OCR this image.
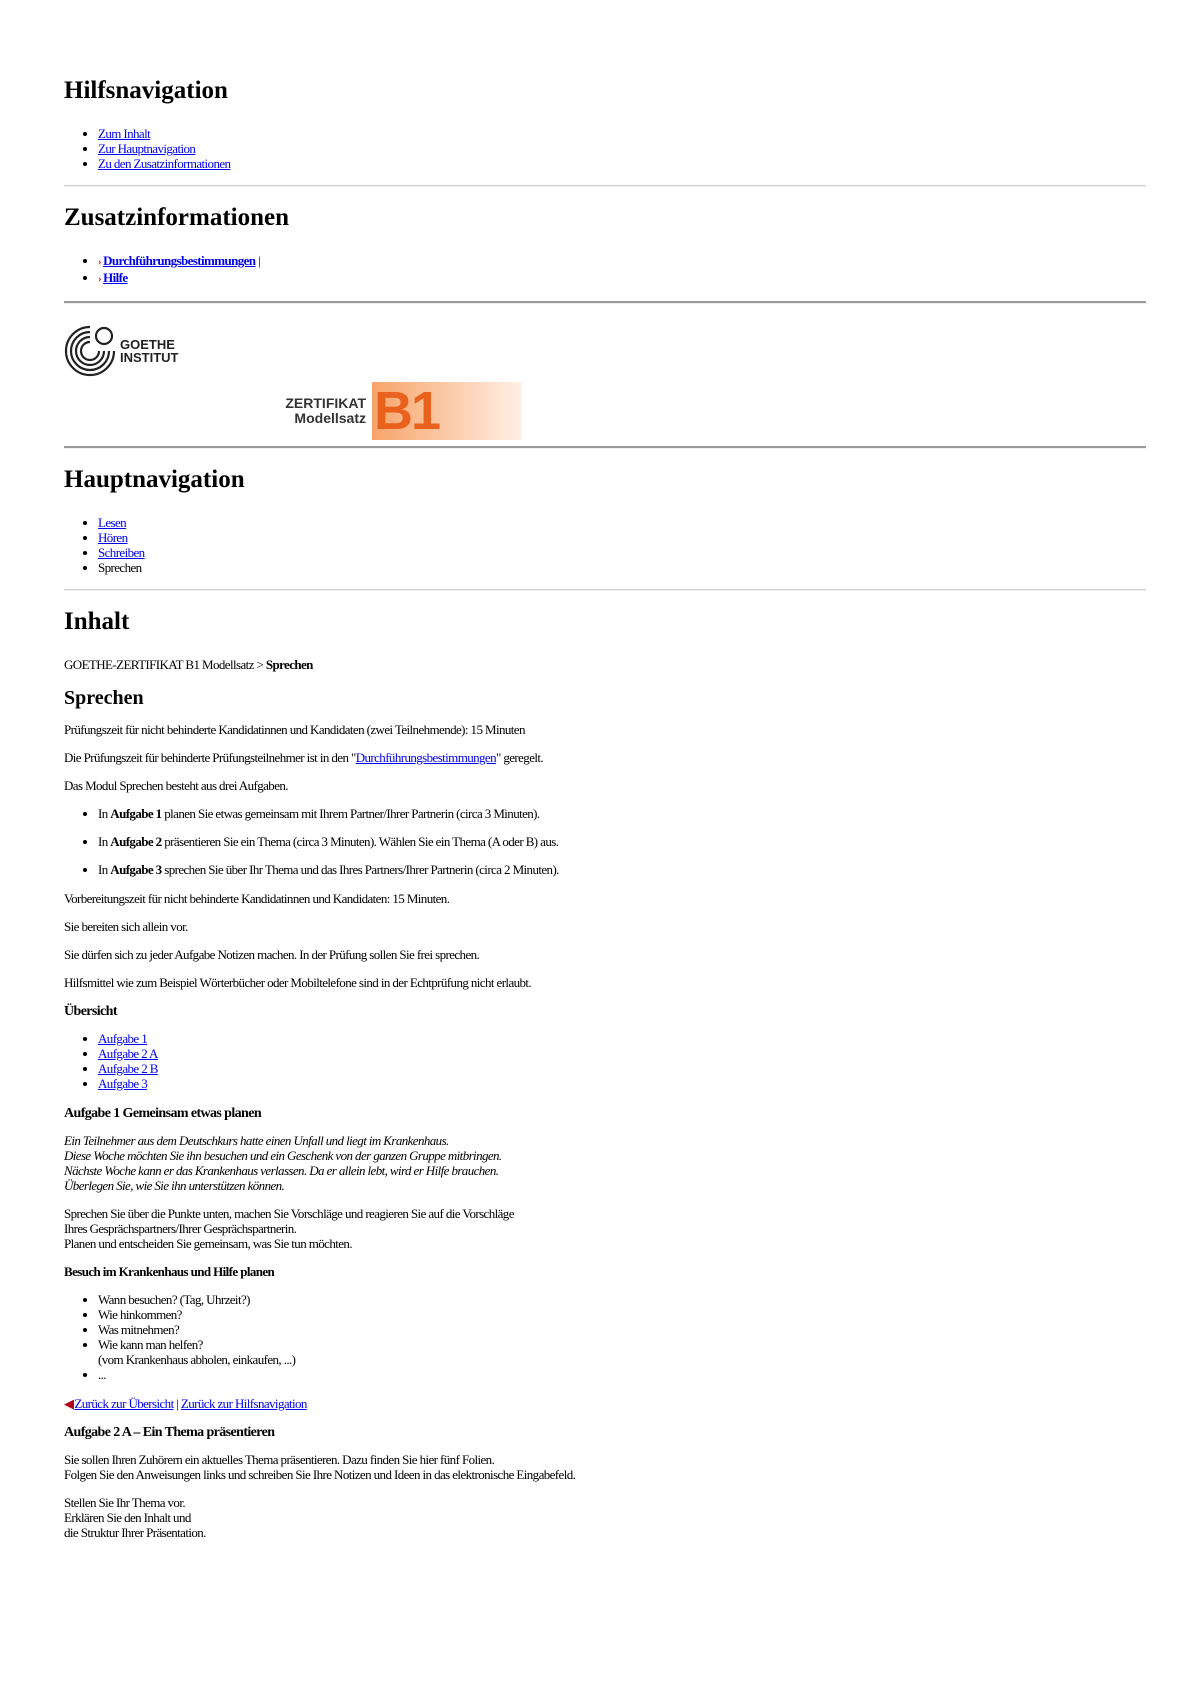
Hilfsnavigation
• Zum Inhalt
• Zur Hauptnavigation
• Zu den Zusatzinformationen
Zusatzinformationen
• › Durchführungsbestimmungen |
• › Hilfe
GOETHE
INSTITUT
ZERTIFIKAT
Modellsatz B1
Hauptnavigation
• Lesen
• Hören
• Schreiben
• Sprechen
Inhalt

GOETHE-ZERTIFIKAT B1 Modellsatz > Sprechen

Sprechen

Prüfungszeit für nicht behinderte Kandidatinnen und Kandidaten (zwei Teilnehmende): 15 Minuten

Die Prüfungszeit für behinderte Prüfungsteilnehmer ist in den "Durchführungsbestimmungen" geregelt.

Das Modul Sprechen besteht aus drei Aufgaben.

• In Aufgabe 1 planen Sie etwas gemeinsam mit Ihrem Partner/Ihrer Partnerin (circa 3 Minuten).
• In Aufgabe 2 präsentieren Sie ein Thema (circa 3 Minuten). Wählen Sie ein Thema (A oder B) aus.
• In Aufgabe 3 sprechen Sie über Ihr Thema und das Ihres Partners/Ihrer Partnerin (circa 2 Minuten).

Vorbereitungszeit für nicht behinderte Kandidatinnen und Kandidaten: 15 Minuten.

Sie bereiten sich allein vor.

Sie dürfen sich zu jeder Aufgabe Notizen machen. In der Prüfung sollen Sie frei sprechen.

Hilfsmittel wie zum Beispiel Wörterbücher oder Mobiltelefone sind in der Echtprüfung nicht erlaubt.

Übersicht
• Aufgabe 1
• Aufgabe 2 A
• Aufgabe 2 B
• Aufgabe 3
Aufgabe 1 Gemeinsam etwas planen

Ein Teilnehmer aus dem Deutschkurs hatte einen Unfall und liegt im Krankenhaus.
Diese Woche möchten Sie ihn besuchen und ein Geschenk von der ganzen Gruppe mitbringen.
Nächste Woche kann er das Krankenhaus verlassen. Da er allein lebt, wird er Hilfe brauchen.
Überlegen Sie, wie Sie ihn unterstützen können.

Sprechen Sie über die Punkte unten, machen Sie Vorschläge und reagieren Sie auf die Vorschläge
Ihres Gesprächspartners/Ihrer Gesprächspartnerin.
Planen und entscheiden Sie gemeinsam, was Sie tun möchten.

Besuch im Krankenhaus und Hilfe planen

• Wann besuchen? (Tag, Uhrzeit?)
• Wie hinkommen?
• Was mitnehmen?
• Wie kann man helfen?
(vom Krankenhaus abholen, einkaufen, ...)
• ...

◀Zurück zur Übersicht | Zurück zur Hilfsnavigation

Aufgabe 2 A – Ein Thema präsentieren

Sie sollen Ihren Zuhörern ein aktuelles Thema präsentieren. Dazu finden Sie hier fünf Folien.
Folgen Sie den Anweisungen links und schreiben Sie Ihre Notizen und Ideen in das elektronische Eingabefeld.

Stellen Sie Ihr Thema vor.
Erklären Sie den Inhalt und
die Struktur Ihrer Präsentation.
